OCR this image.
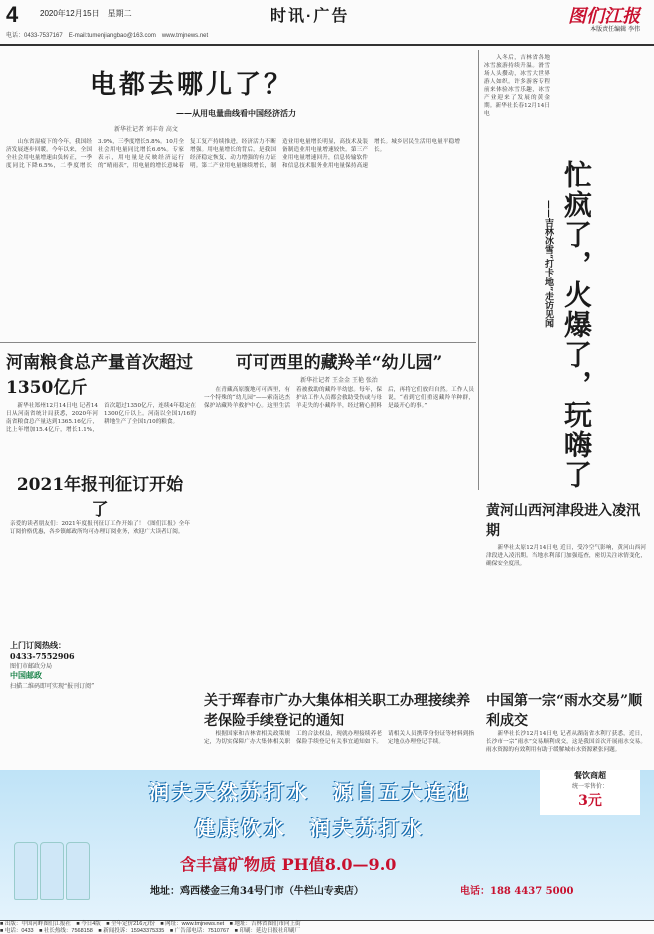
4	2020年12月15日　星期二	时讯·广告	图们江报
本版责任编辑 李伟
电话：0433-7537167　E-mail:tumenjiangbao@163.com　www.tmjnews.net
电都去哪儿了？
——从用电量曲线看中国经济活力
新华社记者 刘丰奇 高文
　　山东省湿疲下的今年，我国经济发展逐步回暖。今年以来，全国全社会用电量增速由负转正，一季度同比下降6.5%，二季度增长3.9%，三季度增长5.8%。10月全社会用电量同比增长6.6%。专家表示，用电量是反映经济运行的“晴雨表”，用电量的增长意味着复工复产持续推进，经济活力不断增强。用电量增长的背后，是我国经济稳定恢复、动力增强的有力证明。第二产业用电量继续增长，制造业用电量增长明显，高技术及装备制造业用电量增速较快。第三产业用电量增速回升，信息传输软件和信息技术服务业用电量保持高速增长。城乡居民生活用电量平稳增长。
　　入冬后，吉林省各地冰雪旅游持续升温。滑雪场人头攒动，冰雪大世界游人如织。许多游客专程前来体验冰雪乐趣，冰雪产业迎来了发展的黄金期。新华社长春12月14日电
忙疯了，火爆了，玩嗨了
——吉林冰雪“打卡地”走访见闻
河南粮食总产量首次超过1350亿斤
　　新华社郑州12月14日电 记者14日从河南省统计局获悉，2020年河南省粮食总产量达到1365.16亿斤，比上年增加15.4亿斤，增长1.1%，首次超过1350亿斤，连续4年稳定在1300亿斤以上。河南以全国1/16的耕地生产了全国1/10的粮食。
可可西里的藏羚羊“幼儿园”
新华社记者 王金金 王艳 张治
　　在青藏高原腹地可可西里，有一个特殊的“幼儿园”——索南达杰保护站藏羚羊救护中心。这里生活着被救助的藏羚羊幼崽。每年，保护站工作人员都会救助受伤或与母羊走失的小藏羚羊，经过精心照料后，再将它们放归自然。工作人员说，“看到它们重返藏羚羊种群，是最开心的事。”
2021年报刊征订开始了
亲爱的读者朋友们：2021年度报刊征订工作开始了！《图们江报》全年订阅价格优惠，各乡镇邮政所均可办理订阅业务，欢迎广大读者订阅。
上门订阅热线：
0433-7552906
图们市邮政分局
中国邮政
扫描二维码即可实现“报刊订阅”
黄河山西河津段进入凌汛期
　　新华社太原12月14日电 近日，受冷空气影响，黄河山西河津段进入凌汛期。当地水利部门加强巡查，密切关注冰情变化，确保安全度汛。
关于珲春市广办大集体相关职工办理接续养老保险手续登记的通知
　　根据国家和吉林省相关政策规定，为切实保障广办大集体相关职工的合法权益，现就办理接续养老保险手续登记有关事宜通知如下。请相关人员携带身份证等材料到指定地点办理登记手续。
中国第一宗“雨水交易”顺利成交
　　新华社长沙12月14日电 记者从湖南省水利厅获悉，近日，长沙市一宗“雨水”交易顺利成交，这是我国首次开展雨水交易。雨水资源的有效利用有助于缓解城市水资源紧张问题。
润夫天然苏打水　源自五大连池
健康饮水　润夫苏打水
含丰富矿物质 PH值8.0—9.0
地址：鸡西楼金三角34号门市（牛栏山专卖店）	电话：188 4437 5000
餐饮商超
统一零售价：
3元
■ 出版：中国河畔图们江报社　■ 今日4版　■ 全年定价216元/份　■ 网址：www.tmjnews.net　■ 地址：吉林省图们市向上街
■ 电话：0433　■ 社长热线：7568158　■ 新闻投诉：15943375335　■ 广告部电话：7510767　■ 印刷：延边日报社印刷厂
